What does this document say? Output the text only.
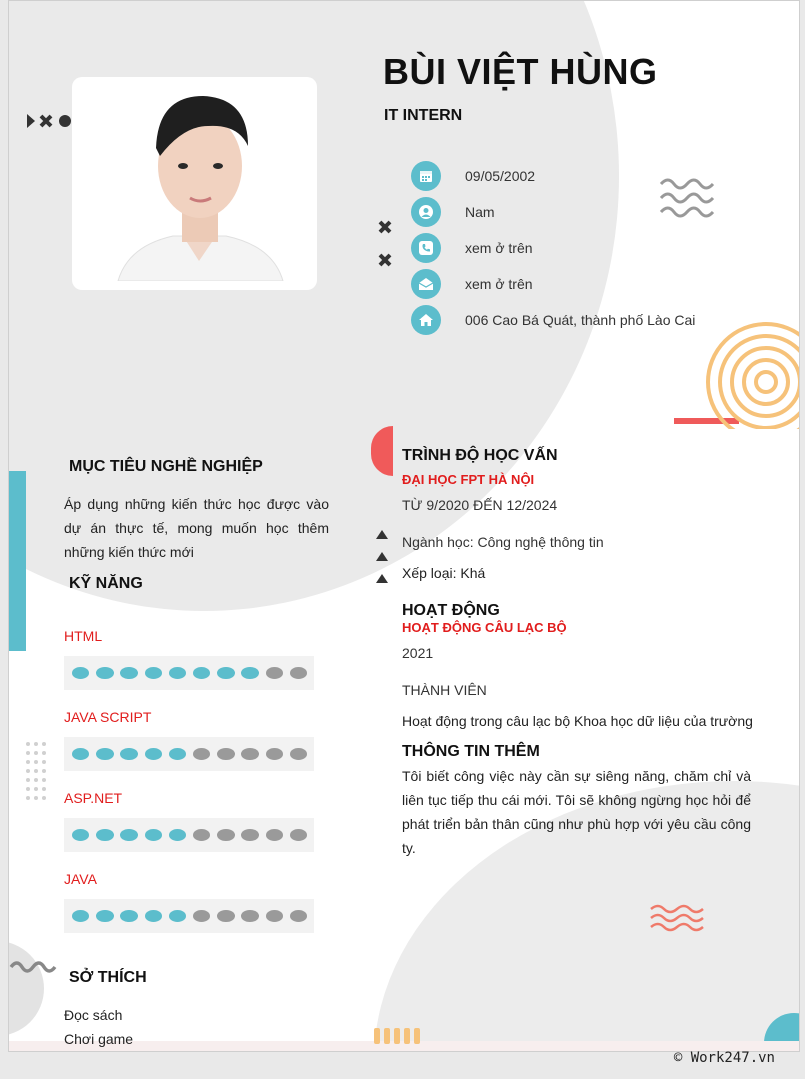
BÙI VIỆT HÙNG
IT INTERN
09/05/2002
Nam
xem ở trên
xem ở trên
006 Cao Bá Quát, thành phố Lào Cai
MỤC TIÊU NGHỀ NGHIỆP
Áp dụng những kiến thức học được vào dự án thực tế, mong muốn học thêm những kiến thức mới
KỸ NĂNG
HTML
JAVA SCRIPT
ASP.NET
JAVA
SỞ THÍCH
Đọc sách
Chơi game
TRÌNH ĐỘ HỌC VẤN
ĐẠI HỌC FPT HÀ NỘI
TỪ 9/2020 ĐẾN 12/2024
Ngành học: Công nghệ thông tin
Xếp loại: Khá
HOẠT ĐỘNG
HOẠT ĐỘNG CÂU LẠC BỘ
2021
THÀNH VIÊN
Hoạt động trong câu lạc bộ Khoa học dữ liệu của trường
THÔNG TIN THÊM
Tôi biết công việc này cần sự siêng năng, chăm chỉ và liên tục tiếp thu cái mới. Tôi sẽ không ngừng học hỏi để phát triển bản thân cũng như phù hợp với yêu cầu công ty.
© Work247.vn
